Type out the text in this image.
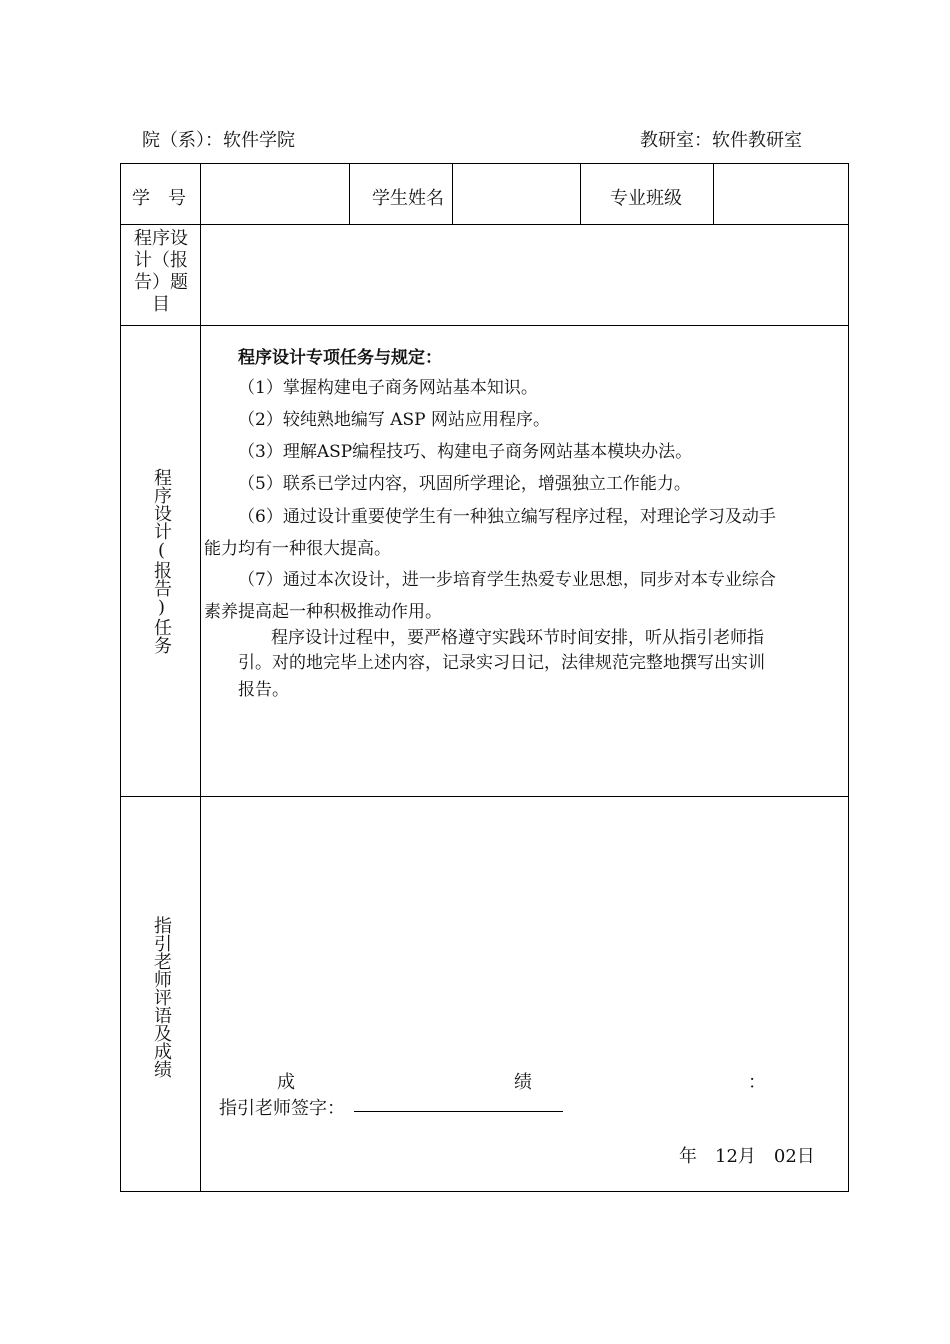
院（系）：软件学院	教研室：软件教研室
学　号	学生姓名	专业班级
程序设计（报告）题目
程序设计(报告)任务
程序设计专项任务与规定：
（1）掌握构建电子商务网站基本知识。
（2）较纯熟地编写 ASP 网站应用程序。
（3）理解ASP编程技巧、构建电子商务网站基本模块办法。
（5）联系已学过内容，巩固所学理论，增强独立工作能力。
（6）通过设计重要使学生有一种独立编写程序过程，对理论学习及动手
能力均有一种很大提高。
（7）通过本次设计，进一步培育学生热爱专业思想，同步对本专业综合
素养提高起一种积极推动作用。
程序设计过程中，要严格遵守实践环节时间安排，听从指引老师指
引。对的地完毕上述内容，记录实习日记，法律规范完整地撰写出实训
报告。
指引老师评语及成绩
成	绩	：
指引老师签字：
年　12月　02日
